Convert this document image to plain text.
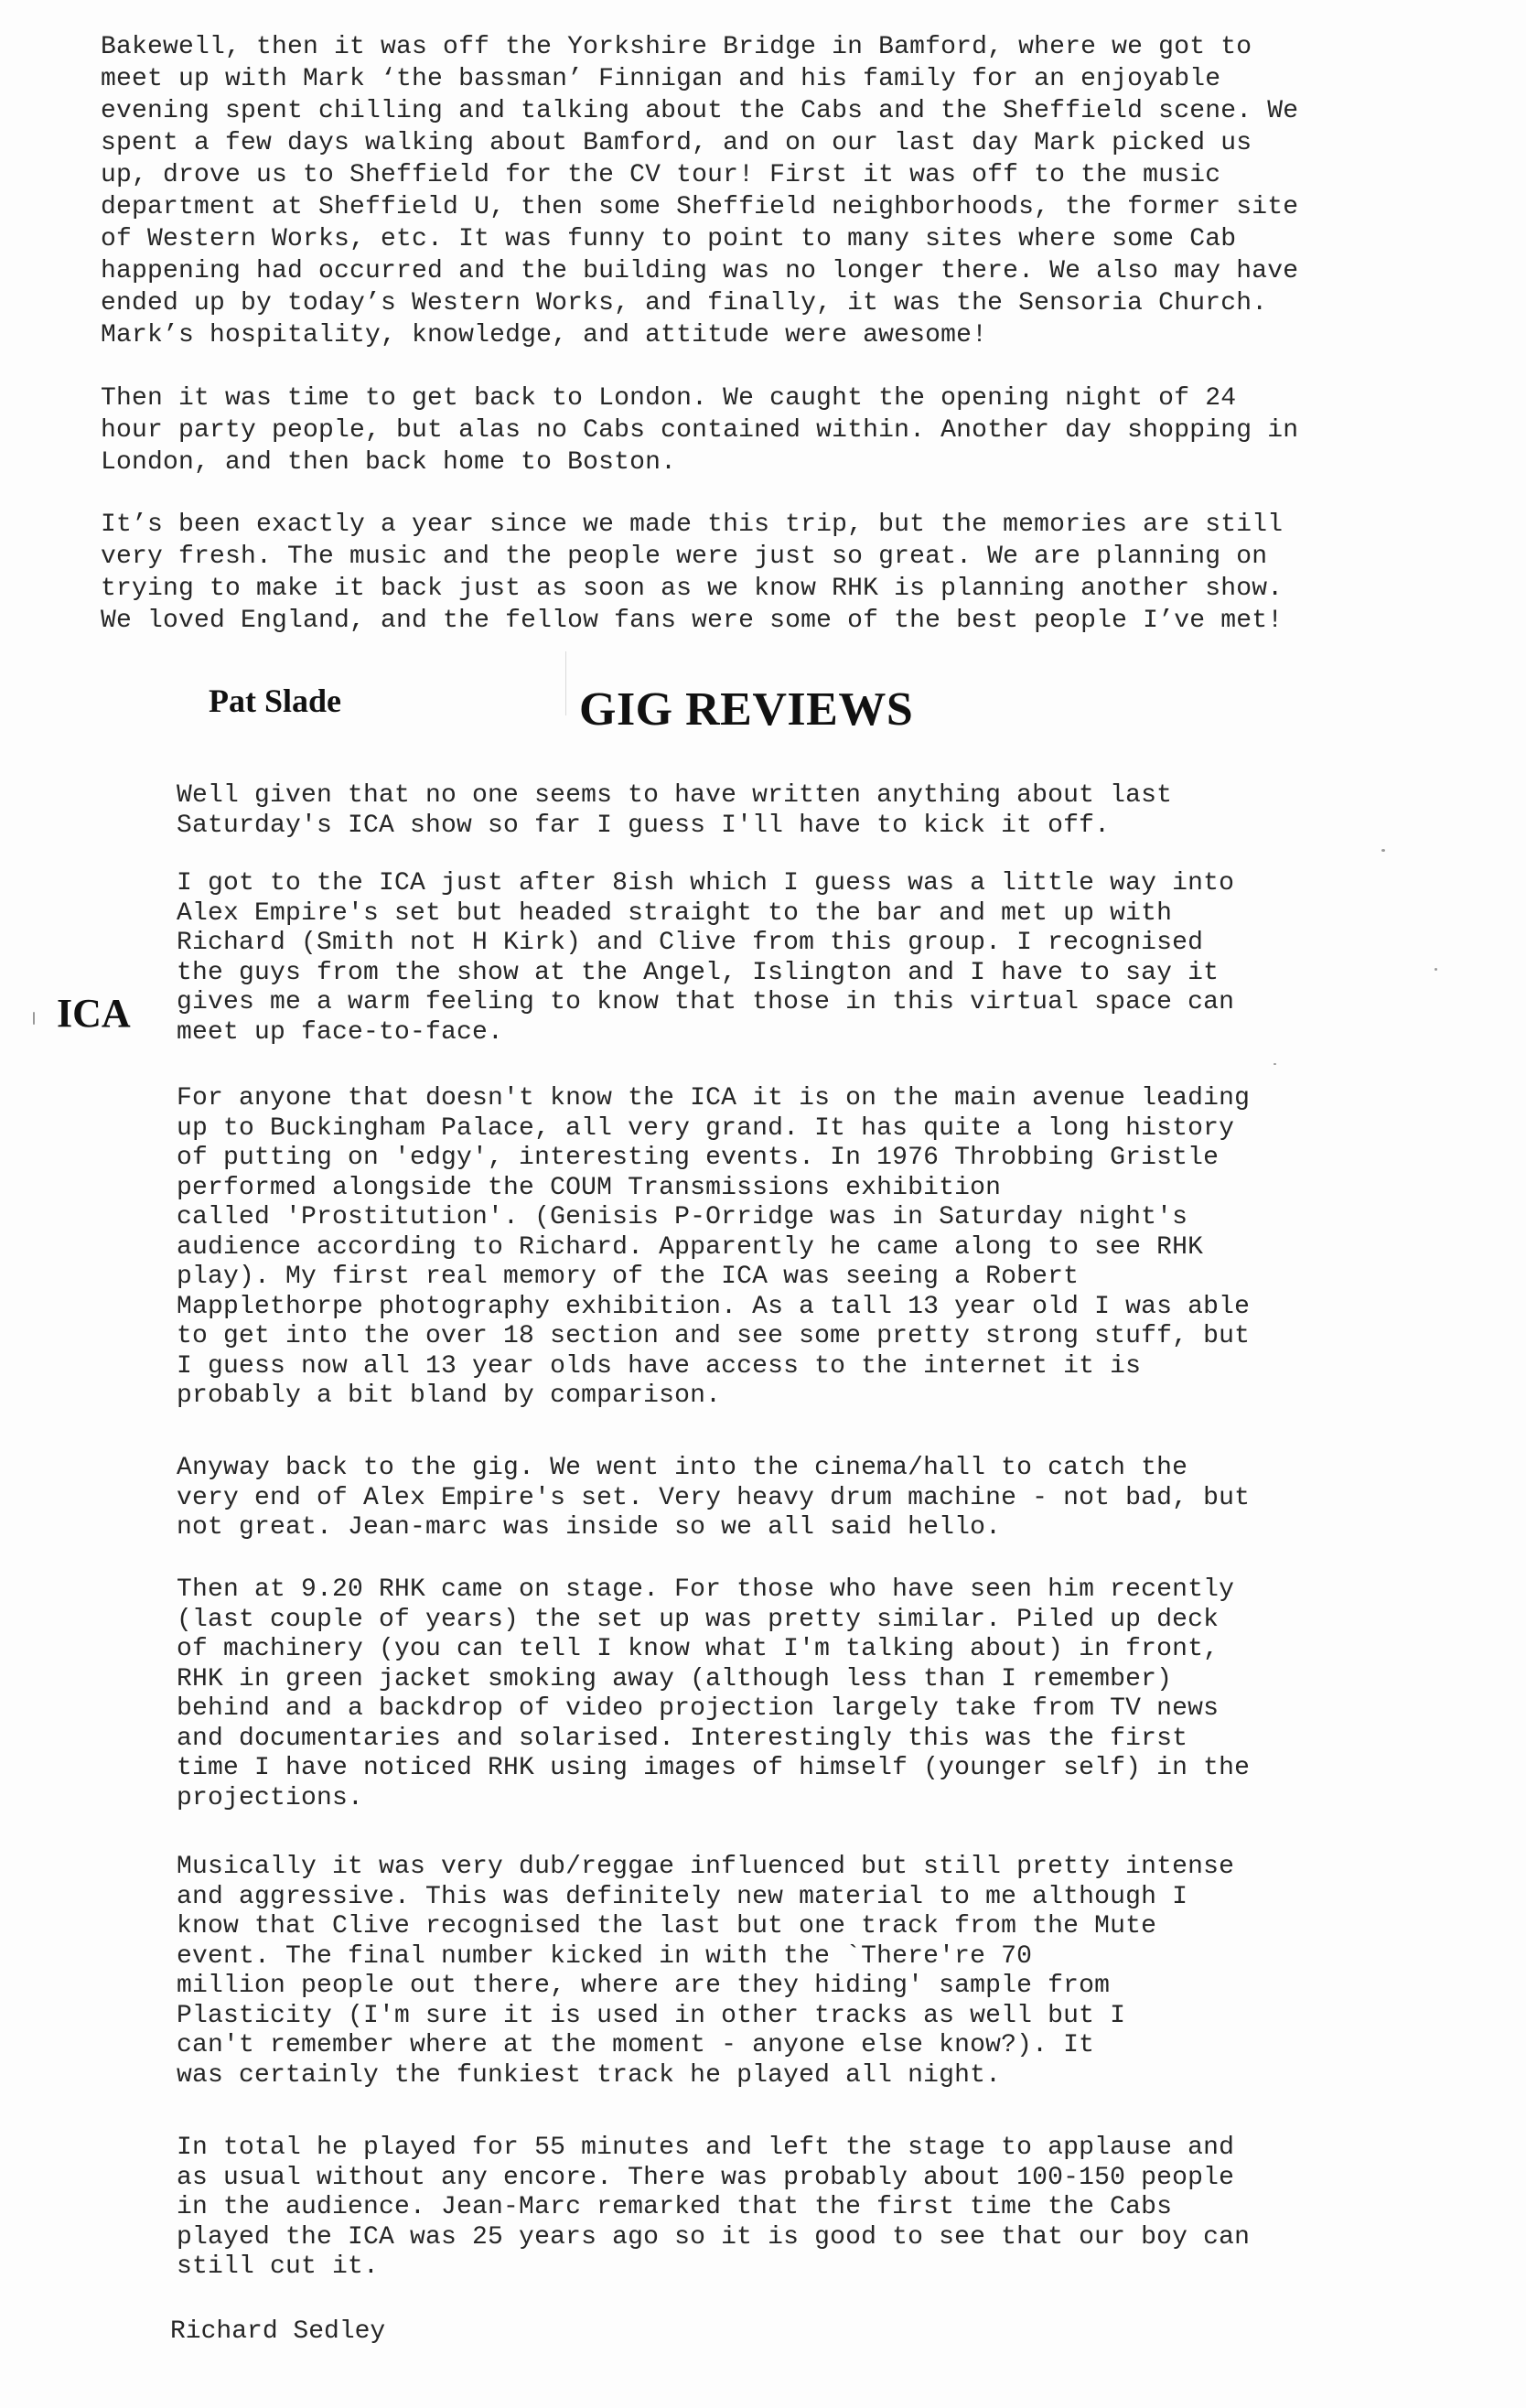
Bakewell, then it was off the Yorkshire Bridge in Bamford, where we got to
meet up with Mark ‘the bassman’ Finnigan and his family for an enjoyable
evening spent chilling and talking about the Cabs and the Sheffield scene. We
spent a few days walking about Bamford, and on our last day Mark picked us
up, drove us to Sheffield for the CV tour! First it was off to the music
department at Sheffield U, then some Sheffield neighborhoods, the former site
of Western Works, etc. It was funny to point to many sites where some Cab
happening had occurred and the building was no longer there. We also may have
ended up by today’s Western Works, and finally, it was the Sensoria Church.
Mark’s hospitality, knowledge, and attitude were awesome!
Then it was time to get back to London. We caught the opening night of 24
hour party people, but alas no Cabs contained within. Another day shopping in
London, and then back home to Boston.
It’s been exactly a year since we made this trip, but the memories are still
very fresh. The music and the people were just so great. We are planning on
trying to make it back just as soon as we know RHK is planning another show.
We loved England, and the fellow fans were some of the best people I’ve met!
Pat Slade	GIG REVIEWS
ICA
Well given that no one seems to have written anything about last
Saturday's ICA show so far I guess I'll have to kick it off.
I got to the ICA just after 8ish which I guess was a little way into
Alex Empire's set but headed straight to the bar and met up with
Richard (Smith not H Kirk) and Clive from this group. I recognised
the guys from the show at the Angel, Islington and I have to say it
gives me a warm feeling to know that those in this virtual space can
meet up face-to-face.
For anyone that doesn't know the ICA it is on the main avenue leading
up to Buckingham Palace, all very grand. It has quite a long history
of putting on 'edgy', interesting events. In 1976 Throbbing Gristle
performed alongside the COUM Transmissions exhibition
called 'Prostitution'. (Genisis P-Orridge was in Saturday night's
audience according to Richard. Apparently he came along to see RHK
play). My first real memory of the ICA was seeing a Robert
Mapplethorpe photography exhibition. As a tall 13 year old I was able
to get into the over 18 section and see some pretty strong stuff, but
I guess now all 13 year olds have access to the internet it is
probably a bit bland by comparison.
Anyway back to the gig. We went into the cinema/hall to catch the
very end of Alex Empire's set. Very heavy drum machine - not bad, but
not great. Jean-marc was inside so we all said hello.
Then at 9.20 RHK came on stage. For those who have seen him recently
(last couple of years) the set up was pretty similar. Piled up deck
of machinery (you can tell I know what I'm talking about) in front,
RHK in green jacket smoking away (although less than I remember)
behind and a backdrop of video projection largely take from TV news
and documentaries and solarised. Interestingly this was the first
time I have noticed RHK using images of himself (younger self) in the
projections.
Musically it was very dub/reggae influenced but still pretty intense
and aggressive. This was definitely new material to me although I
know that Clive recognised the last but one track from the Mute
event. The final number kicked in with the `There're 70
million people out there, where are they hiding' sample from
Plasticity (I'm sure it is used in other tracks as well but I
can't remember where at the moment - anyone else know?). It
was certainly the funkiest track he played all night.
In total he played for 55 minutes and left the stage to applause and
as usual without any encore. There was probably about 100-150 people
in the audience. Jean-Marc remarked that the first time the Cabs
played the ICA was 25 years ago so it is good to see that our boy can
still cut it.
Richard Sedley
